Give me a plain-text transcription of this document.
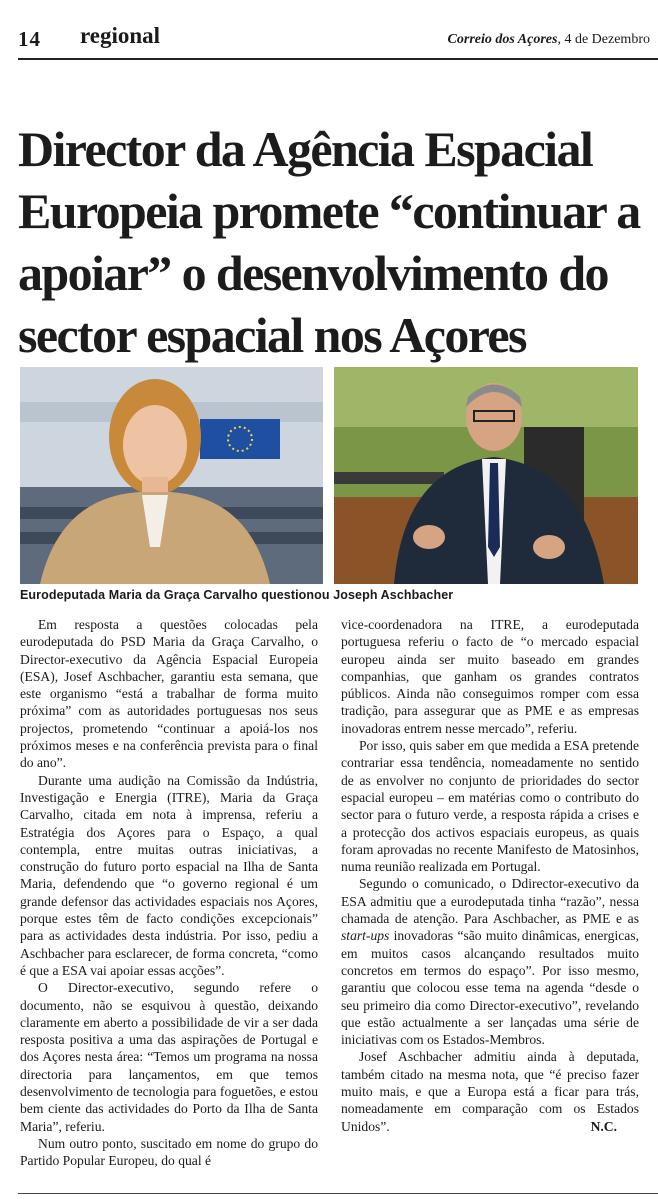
14 regional	Correio dos Açores, 4 de Dezembro
Director da Agência Espacial Europeia promete “continuar a apoiar” o desenvolvimento do sector espacial nos Açores
Eurodeputada Maria da Graça Carvalho questionou Joseph Aschbacher

Em resposta a questões colocadas pela eurodeputada do PSD Maria da Graça Carvalho, o Director-executivo da Agência Espacial Europeia (ESA), Josef Aschbacher, garantiu esta semana, que este organismo “está a trabalhar de forma muito próxima” com as autoridades portuguesas nos seus projectos, prometendo “continuar a apoiá-los nos próximos meses e na conferência prevista para o final do ano”.

Durante uma audição na Comissão da Indústria, Investigação e Energia (ITRE), Maria da Graça Carvalho, citada em nota à imprensa, referiu a Estratégia dos Açores para o Espaço, a qual contempla, entre muitas outras iniciativas, a construção do futuro porto espacial na Ilha de Santa Maria, defendendo que “o governo regional é um grande defensor das actividades espaciais nos Açores, porque estes têm de facto condições excepcionais” para as actividades desta indústria. Por isso, pediu a Aschbacher para esclarecer, de forma concreta, “como é que a ESA vai apoiar essas acções”.

O Director-executivo, segundo refere o documento, não se esquivou à questão, deixando claramente em aberto a possibilidade de vir a ser dada resposta positiva a uma das aspirações de Portugal e dos Açores nesta área: “Temos um programa na nossa directoria para lançamentos, em que temos desenvolvimento de tecnologia para foguetões, e estou bem ciente das actividades do Porto da Ilha de Santa Maria”, referiu.

Num outro ponto, suscitado em nome do grupo do Partido Popular Europeu, do qual é

vice-coordenadora na ITRE, a eurodeputada portuguesa referiu o facto de “o mercado espacial europeu ainda ser muito baseado em grandes companhias, que ganham os grandes contratos públicos. Ainda não conseguimos romper com essa tradição, para assegurar que as PME e as empresas inovadoras entrem nesse mercado”, referiu.

Por isso, quis saber em que medida a ESA pretende contrariar essa tendência, nomeadamente no sentido de as envolver no conjunto de prioridades do sector espacial europeu – em matérias como o contributo do sector para o futuro verde, a resposta rápida a crises e a protecção dos activos espaciais europeus, as quais foram aprovadas no recente Manifesto de Matosinhos, numa reunião realizada em Portugal.

Segundo o comunicado, o Ddirector-executivo da ESA admitiu que a eurodeputada tinha “razão”, nessa chamada de atenção. Para Aschbacher, as PME e as start-ups inovadoras “são muito dinâmicas, energicas, em muitos casos alcançando resultados muito concretos em termos do espaço”. Por isso mesmo, garantiu que colocou esse tema na agenda “desde o seu primeiro dia como Director-executivo”, revelando que estão actualmente a ser lançadas uma série de iniciativas com os Estados-Membros.

Josef Aschbacher admitiu ainda à deputada, também citado na mesma nota, que “é preciso fazer muito mais, e que a Europa está a ficar para trás, nomeadamente em comparação com os Estados Unidos”.	N.C.
